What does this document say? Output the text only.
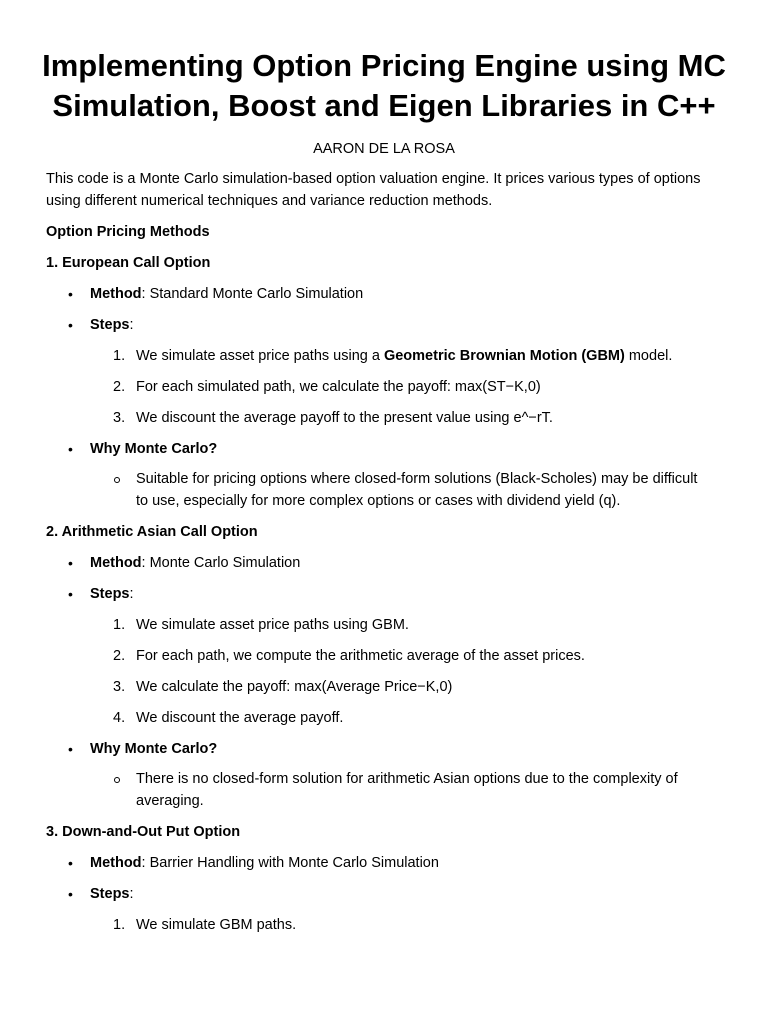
Implementing Option Pricing Engine using MC
Simulation, Boost and Eigen Libraries in C++

AARON DE LA ROSA

This code is a Monte Carlo simulation-based option valuation engine. It prices various types of options

using different numerical techniques and variance reduction methods.

Option Pricing Methods

1. European Call Option

• Method: Standard Monte Carlo Simulation

• Steps:

1. We simulate asset price paths using a Geometric Brownian Motion (GBM) model.

2. For each simulated path, we calculate the payoff: max(ST−K,0)

3. We discount the average payoff to the present value using e^−rT.

• Why Monte Carlo?

Suitable for pricing options where closed-form solutions (Black-Scholes) may be difficult

to use, especially for more complex options or cases with dividend yield (q).

2. Arithmetic Asian Call Option

• Method: Monte Carlo Simulation

• Steps:

1. We simulate asset price paths using GBM.

2. For each path, we compute the arithmetic average of the asset prices.

3. We calculate the payoff: max(Average Price−K,0)

4. We discount the average payoff.

• Why Monte Carlo?

There is no closed-form solution for arithmetic Asian options due to the complexity of

averaging.

3. Down-and-Out Put Option

• Method: Barrier Handling with Monte Carlo Simulation

• Steps:

1. We simulate GBM paths.
